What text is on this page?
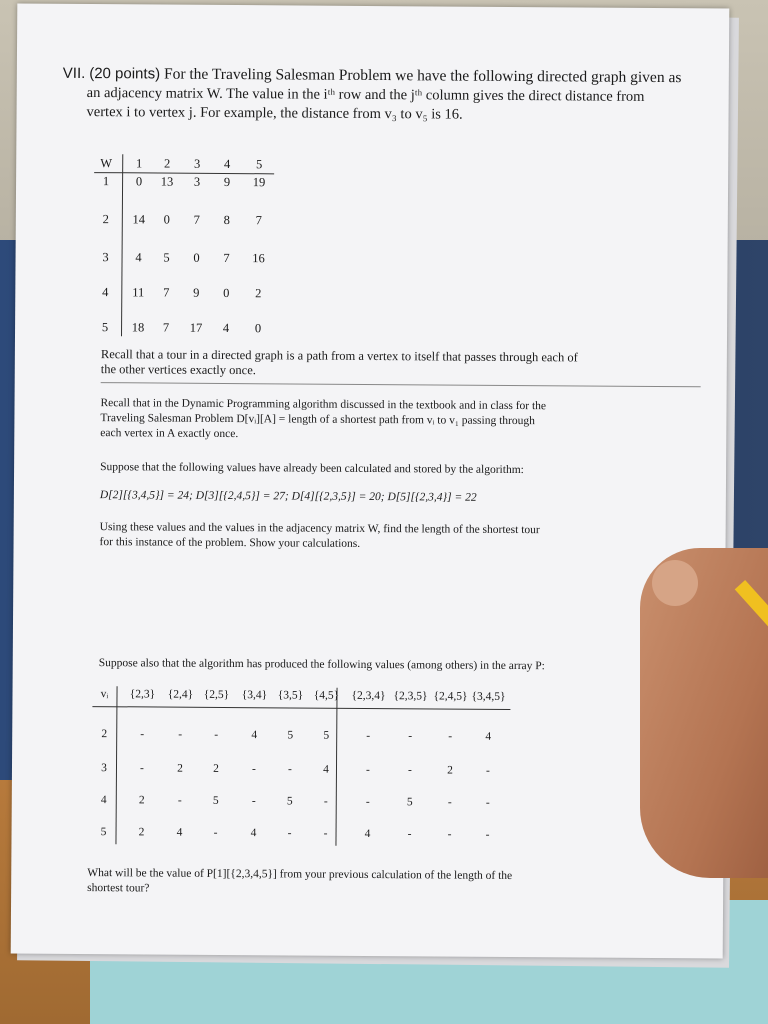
VII. (20 points) For the Traveling Salesman Problem we have the following directed graph given as
an adjacency matrix W. The value in the iᵗʰ row and the jᵗʰ column gives the direct distance from
vertex i to vertex j. For example, the distance from v₃ to v₅ is 16.
W	1	2	3	4	5
1	0	13	3	9	19
2	14	0	7	8	7
3	4	5	0	7	16
4	11	7	9	0	2
5	18	7	17	4	0
Recall that a tour in a directed graph is a path from a vertex to itself that passes through each of
the other vertices exactly once.
Recall that in the Dynamic Programming algorithm discussed in the textbook and in class for the
Traveling Salesman Problem D[vᵢ][A] = length of a shortest path from vᵢ to v₁ passing through
each vertex in A exactly once.
Suppose that the following values have already been calculated and stored by the algorithm:
D[2][{3,4,5}] = 24; D[3][{2,4,5}] = 27; D[4][{2,3,5}] = 20; D[5][{2,3,4}] = 22
Using these values and the values in the adjacency matrix W, find the length of the shortest tour
for this instance of the problem. Show your calculations.
Suppose also that the algorithm has produced the following values (among others) in the array P:
vᵢ	{2,3}	{2,4} {2,5}	{3,4} {3,5} {4,5}	{2,3,4} {2,3,5} {2,4,5} {3,4,5}
2	-	-	-	4	5	5	-	-	-	4
3	-	2	2	-	-	4	-	-	2	-
4	2	-	5	-	5	-	-	5	-	-
5	2	4	-	4	-	-	4	-	-	-
What will be the value of P[1][{2,3,4,5}] from your previous calculation of the length of the
shortest tour?
